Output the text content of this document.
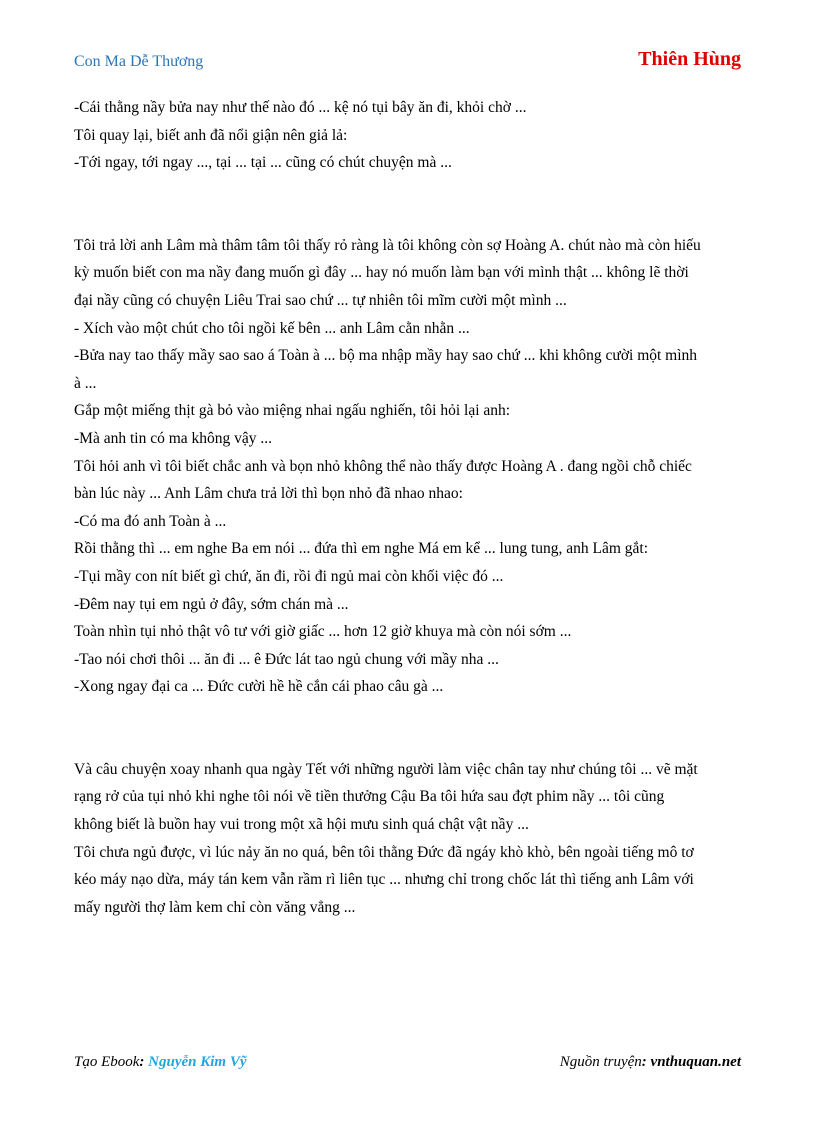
Con Ma Dễ Thương	Thiên Hùng
-Cái thằng nầy bửa nay như thế nào đó ... kệ nó tụi bây ăn đi, khỏi chờ ...
Tôi quay lại, biết anh đã nổi giận nên giả lả:
-Tới ngay, tới ngay ..., tại ... tại ... cũng có chút chuyện mà ...
Tôi trả lời anh Lâm mà thâm tâm tôi thấy rỏ ràng là tôi không còn sợ Hoàng A. chút nào mà còn hiếu
kỳ muốn biết con ma nầy đang muốn gì đây ... hay nó muốn làm bạn với mình thật ... không lẽ thời
đại nầy cũng có chuyện Liêu Trai sao chứ ... tự nhiên tôi mĩm cười một mình ...
- Xích vào một chút cho tôi ngồi kế bên ... anh Lâm cằn nhằn ...
-Bửa nay tao thấy mầy sao sao á Toàn à ... bộ ma nhập mầy hay sao chứ ... khi không cười một mình
à ...
Gắp một miếng thịt gà bỏ vào miệng nhai ngấu nghiến, tôi hỏi lại anh:
-Mà anh tin có ma không vậy ...
Tôi hỏi anh vì tôi biết chắc anh và bọn nhỏ không thể nào thấy được Hoàng A . đang ngồi chỗ chiếc
bàn lúc này ... Anh Lâm chưa trả lời thì bọn nhỏ đã nhao nhao:
-Có ma đó anh Toàn à ...
Rồi thằng thì ... em nghe Ba em nói ... đứa thì em nghe Má em kể ... lung tung, anh Lâm gắt:
-Tụi mầy con nít biết gì chứ, ăn đi, rồi đi ngủ mai còn khối việc đó ...
-Đêm nay tụi em ngủ ở đây, sớm chán mà ...
Toàn nhìn tụi nhỏ thật vô tư với giờ giấc ... hơn 12 giờ khuya mà còn nói sớm ...
-Tao nói chơi thôi ... ăn đi ... ê Đức lát tao ngủ chung với mầy nha ...
-Xong ngay đại ca ... Đức cười hề hề cắn cái phao câu gà ...
Và câu chuyện xoay nhanh qua ngày Tết với những người làm việc chân tay như chúng tôi ... vẽ mặt
rạng rở của tụi nhỏ khi nghe tôi nói về tiền thưởng Cậu Ba tôi hứa sau đợt phim nầy ... tôi cũng
không biết là buồn hay vui trong một xã hội mưu sinh quá chật vật nầy ...
Tôi chưa ngủ được, vì lúc nảy ăn no quá, bên tôi thằng Đức đã ngáy khò khò, bên ngoài tiếng mô tơ
kéo máy nạo dừa, máy tán kem vẫn rầm rì liên tục ... nhưng chỉ trong chốc lát thì tiếng anh Lâm với
mấy người thợ làm kem chỉ còn văng vẳng ...
Tạo Ebook: Nguyễn Kim Vỹ	Nguồn truyện: vnthuquan.net
